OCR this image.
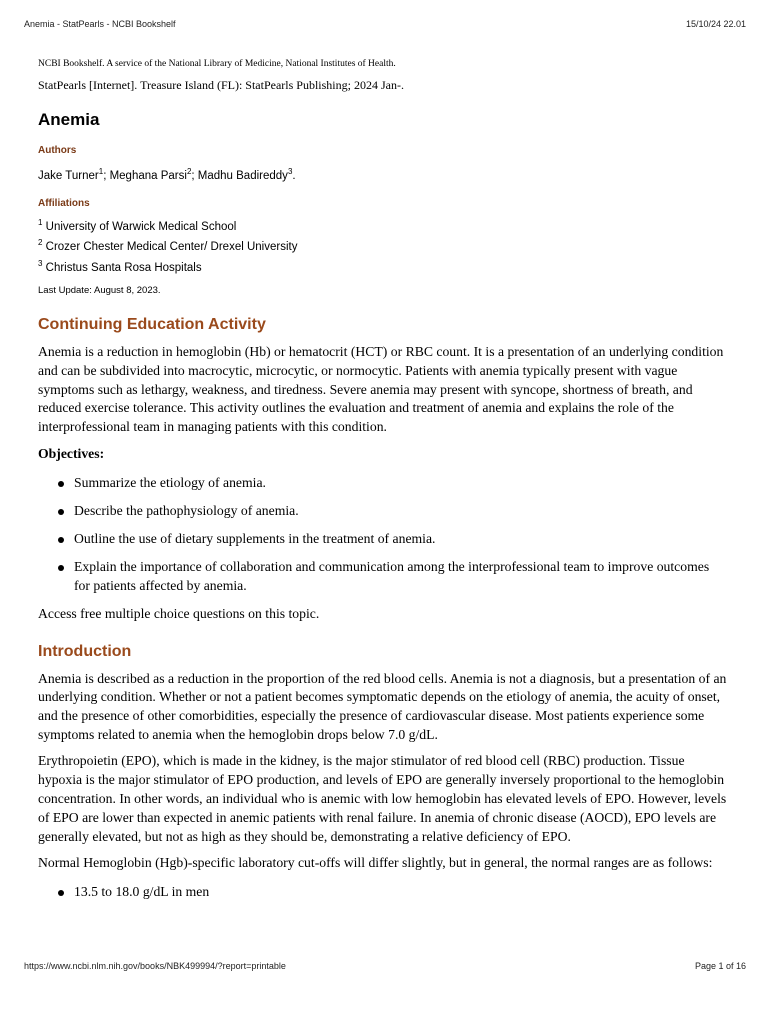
Anemia - StatPearls - NCBI Bookshelf	15/10/24 22.01

NCBI Bookshelf. A service of the National Library of Medicine, National Institutes of Health.

StatPearls [Internet]. Treasure Island (FL): StatPearls Publishing; 2024 Jan-.

Anemia
Authors
Jake Turner$^1$; Meghana Parsi$^2$; Madhu Badireddy$^3$.
Affiliations

$^1$ University of Warwick Medical School

$^2$ Crozer Chester Medical Center/ Drexel University

$^3$ Christus Santa Rosa Hospitals

Last Update: August 8, 2023.

Continuing Education Activity

Anemia is a reduction in hemoglobin (Hb) or hematocrit (HCT) or RBC count. It is a presentation of an underlying condition and can be subdivided into macrocytic, microcytic, or normocytic. Patients with anemia typically present with vague symptoms such as lethargy, weakness, and tiredness. Severe anemia may present with syncope, shortness of breath, and reduced exercise tolerance. This activity outlines the evaluation and treatment of anemia and explains the role of the interprofessional team in managing patients with this condition.

Objectives:

Summarize the etiology of anemia.
Describe the pathophysiology of anemia.
Outline the use of dietary supplements in the treatment of anemia.
Explain the importance of collaboration and communication among the interprofessional team to improve outcomes for patients affected by anemia.

Access free multiple choice questions on this topic.

Introduction

Anemia is described as a reduction in the proportion of the red blood cells. Anemia is not a diagnosis, but a presentation of an underlying condition. Whether or not a patient becomes symptomatic depends on the etiology of anemia, the acuity of onset, and the presence of other comorbidities, especially the presence of cardiovascular disease. Most patients experience some symptoms related to anemia when the hemoglobin drops below 7.0 g/dL.

Erythropoietin (EPO), which is made in the kidney, is the major stimulator of red blood cell (RBC) production. Tissue hypoxia is the major stimulator of EPO production, and levels of EPO are generally inversely proportional to the hemoglobin concentration. In other words, an individual who is anemic with low hemoglobin has elevated levels of EPO. However, levels of EPO are lower than expected in anemic patients with renal failure. In anemia of chronic disease (AOCD), EPO levels are generally elevated, but not as high as they should be, demonstrating a relative deficiency of EPO.

Normal Hemoglobin (Hgb)-specific laboratory cut-offs will differ slightly, but in general, the normal ranges are as follows:

13.5 to 18.0 g/dL in men
https://www.ncbi.nlm.nih.gov/books/NBK499994/?report=printable	Page 1 of 16
